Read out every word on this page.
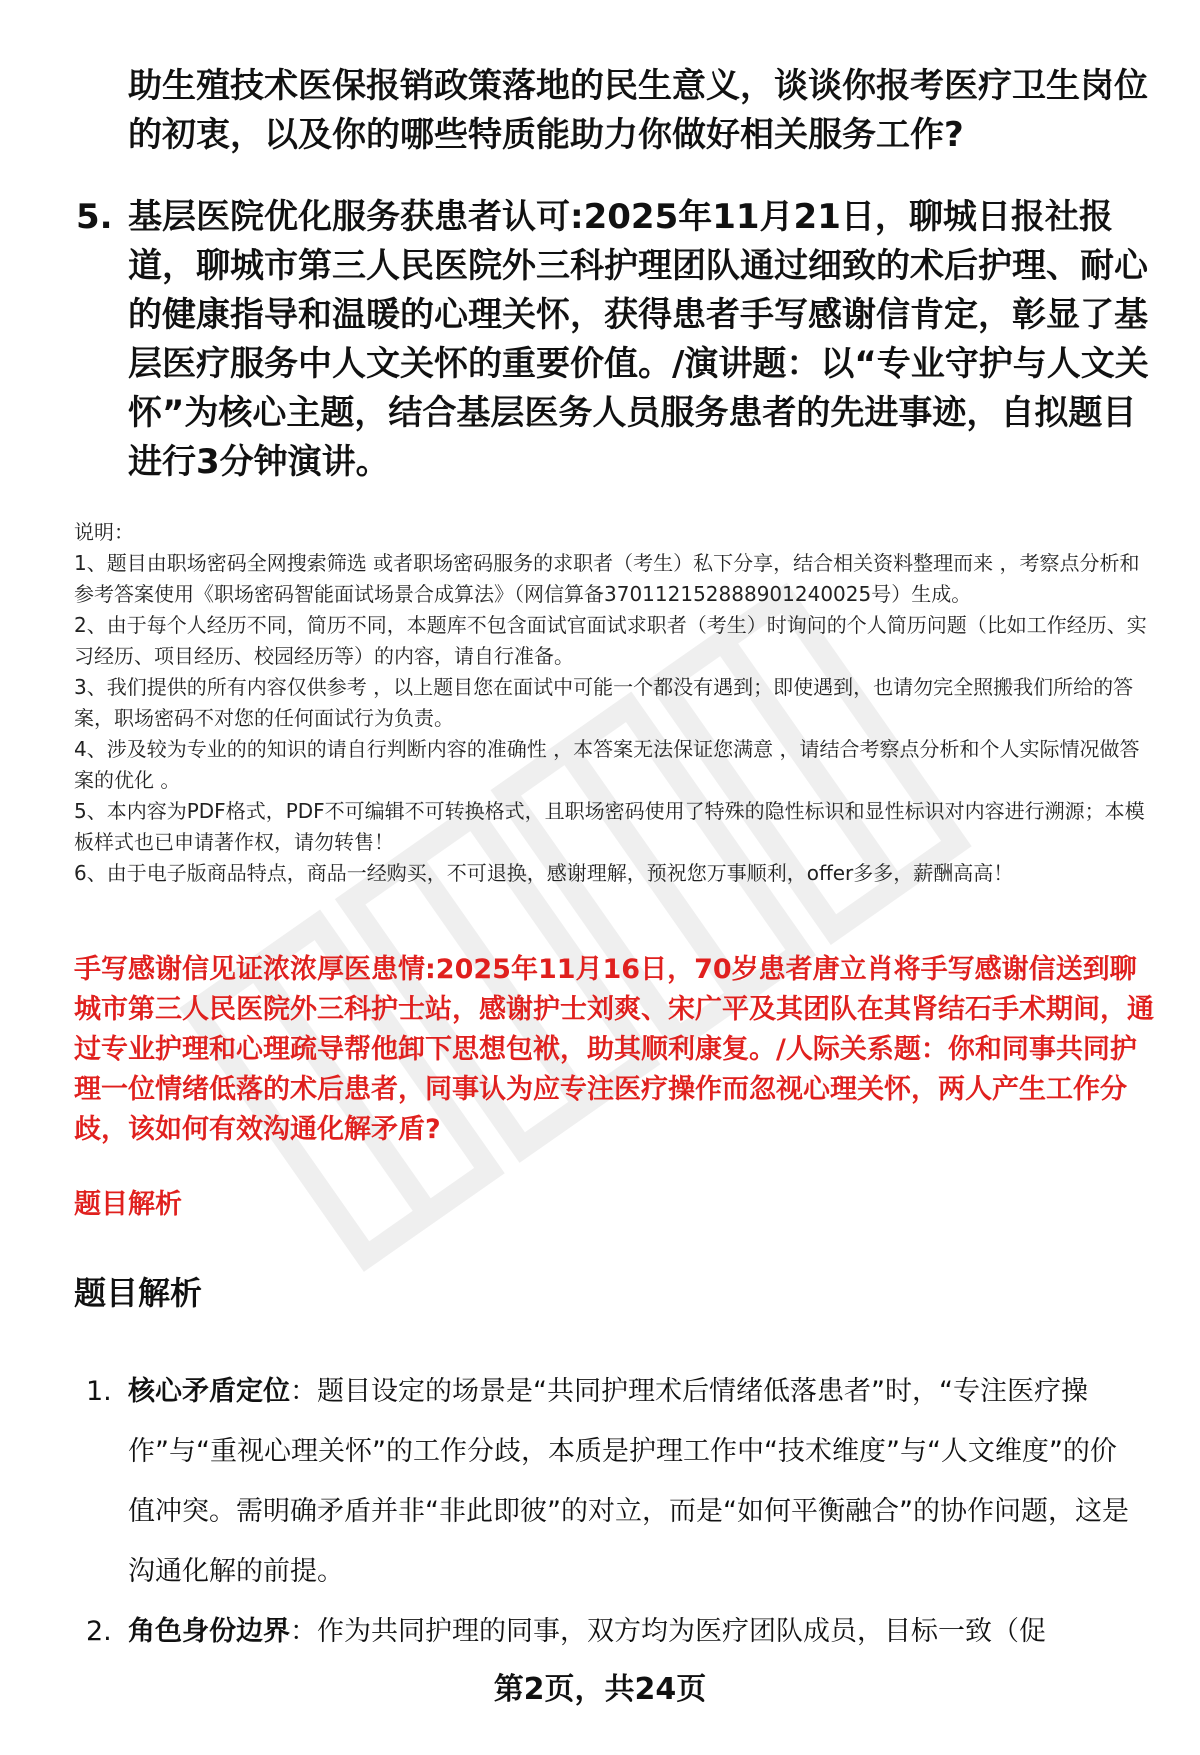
助生殖技术医保报销政策落地的民生意义，谈谈你报考医疗卫生岗位的初衷，以及你的哪些特质能助力你做好相关服务工作?
5. 基层医院优化服务获患者认可:2025年11月21日，聊城日报社报道，聊城市第三人民医院外三科护理团队通过细致的术后护理、耐心的健康指导和温暖的心理关怀，获得患者手写感谢信肯定，彰显了基层医疗服务中人文关怀的重要价值。/演讲题：以“专业守护与人文关怀”为核心主题，结合基层医务人员服务患者的先进事迹，自拟题目进行3分钟演讲。

说明：

1、题目由职场密码全网搜索筛选 或者职场密码服务的求职者（考生）私下分享，结合相关资料整理而来 ，考察点分析和参考答案使用《职场密码智能面试场景合成算法》（网信算备370112152888901240025号）生成。

2、由于每个人经历不同，简历不同，本题库不包含面试官面试求职者（考生）时询问的个人简历问题（比如工作经历、实习经历、项目经历、校园经历等）的内容，请自行准备。

3、我们提供的所有内容仅供参考 ，以上题目您在面试中可能一个都没有遇到；即使遇到，也请勿完全照搬我们所给的答案，职场密码不对您的任何面试行为负责。

4、涉及较为专业的的知识的请自行判断内容的准确性 ，本答案无法保证您满意 ，请结合考察点分析和个人实际情况做答案的优化 。

5、本内容为PDF格式，PDF不可编辑不可转换格式，且职场密码使用了特殊的隐性标识和显性标识对内容进行溯源；本模板样式也已申请著作权，请勿转售！

6、由于电子版商品特点，商品一经购买，不可退换，感谢理解，预祝您万事顺利，offer多多，薪酬高高！

手写感谢信见证浓浓厚医患情:2025年11月16日，70岁患者唐立肖将手写感谢信送到聊城市第三人民医院外三科护士站，感谢护士刘爽、宋广平及其团队在其肾结石手术期间，通过专业护理和心理疏导帮他卸下思想包袱，助其顺利康复。/人际关系题：你和同事共同护理一位情绪低落的术后患者，同事认为应专注医疗操作而忽视心理关怀，两人产生工作分歧，该如何有效沟通化解矛盾?
题目解析
题目解析
1. 核心矛盾定位：题目设定的场景是“共同护理术后情绪低落患者”时，“专注医疗操作”与“重视心理关怀”的工作分歧，本质是护理工作中“技术维度”与“人文维度”的价值冲突。需明确矛盾并非“非此即彼”的对立，而是“如何平衡融合”的协作问题，这是沟通化解的前提。
2. 角色身份边界：作为共同护理的同事，双方均为医疗团队成员，目标一致（促
第2页，共24页
